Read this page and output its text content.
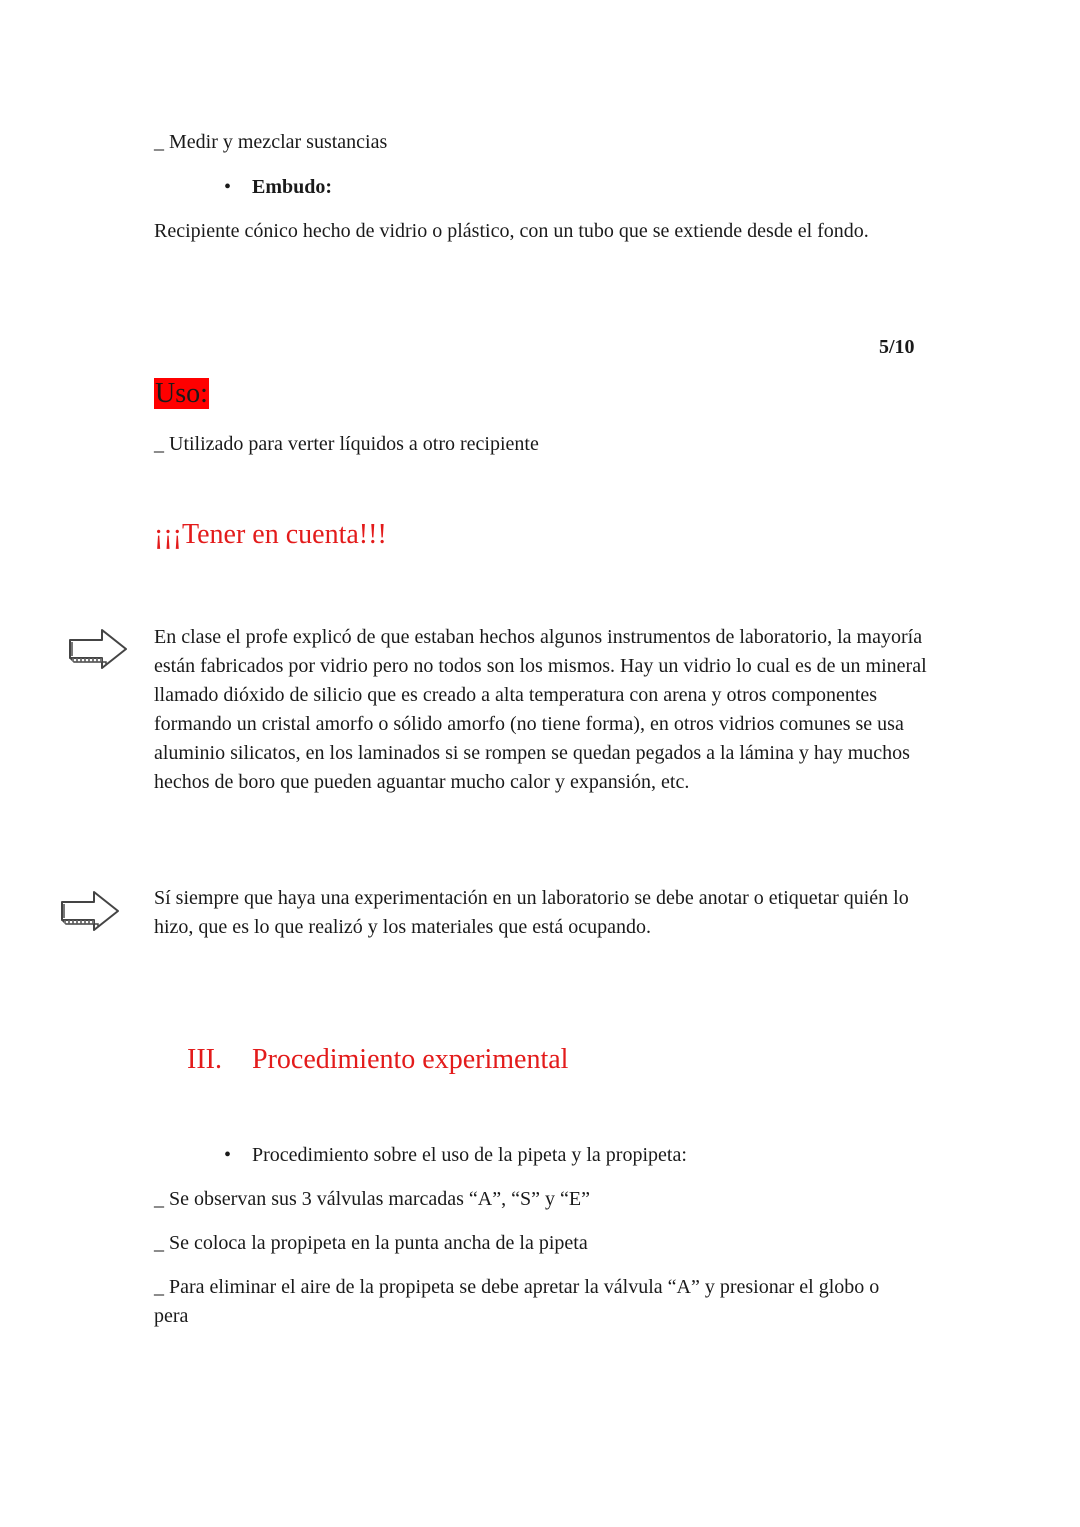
_ Medir y mezclar sustancias

• Embudo:

Recipiente cónico hecho de vidrio o plástico, con un tubo que se extiende desde el fondo.

5/10

Uso:

_ Utilizado para verter líquidos a otro recipiente

¡¡¡Tener en cuenta!!!

En clase el profe explicó de que estaban hechos algunos instrumentos de laboratorio, la mayoría están fabricados por vidrio pero no todos son los mismos. Hay un vidrio lo cual es de un mineral llamado dióxido de silicio que es creado a alta temperatura con arena y otros componentes formando un cristal amorfo o sólido amorfo (no tiene forma), en otros vidrios comunes se usa aluminio silicatos, en los laminados si se rompen se quedan pegados a la lámina y hay muchos hechos de boro que pueden aguantar mucho calor y expansión, etc.

Sí siempre que haya una experimentación en un laboratorio se debe anotar o etiquetar quién lo hizo, que es lo que realizó y los materiales que está ocupando.

III. Procedimiento experimental

• Procedimiento sobre el uso de la pipeta y la propipeta:

_ Se observan sus 3 válvulas marcadas “A”, “S” y “E”

_ Se coloca la propipeta en la punta ancha de la pipeta

_ Para eliminar el aire de la propipeta se debe apretar la válvula “A” y presionar el globo o pera
